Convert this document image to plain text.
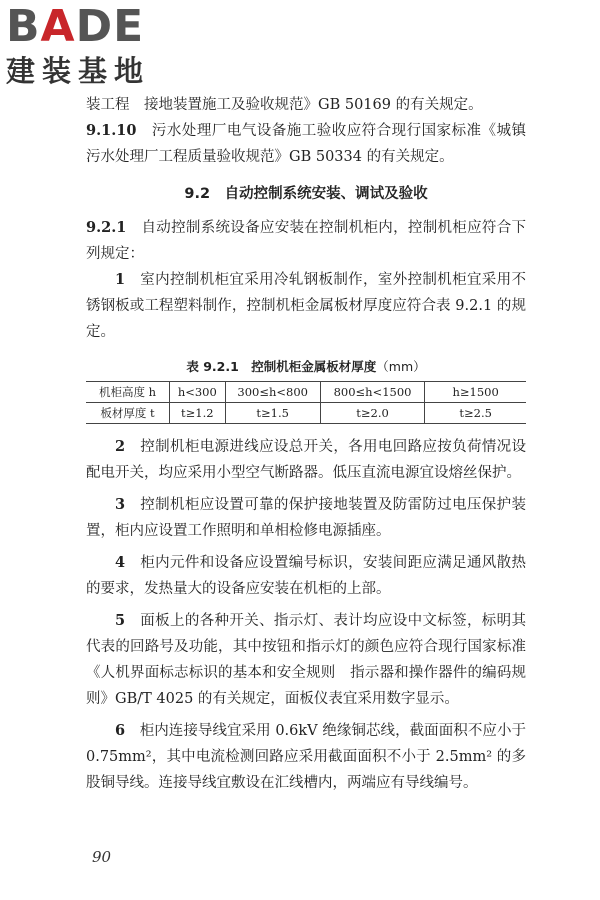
BADE
建装基地

装工程　接地装置施工及验收规范》GB 50169 的有关规定。

9.1.10　 污水处理厂电气设备施工验收应符合现行国家标准《城镇污水处理厂工程质量验收规范》GB 50334 的有关规定。

9.2　自动控制系统安装、调试及验收

9.2.1　 自动控制系统设备应安装在控制机柜内，控制机柜应符合下列规定：

1　 室内控制机柜宜采用冷轧钢板制作，室外控制机柜宜采用不锈钢板或工程塑料制作，控制机柜金属板材厚度应符合表 9.2.1 的规定。

表 9.2.1　控制机柜金属板材厚度（mm）
机柜高度 h	h<300	300≤h<800	800≤h<1500	h≥1500
板材厚度 t	t≥1.2	t≥1.5	t≥2.0	t≥2.5

2　 控制机柜电源进线应设总开关，各用电回路应按负荷情况设配电开关，均应采用小型空气断路器。低压直流电源宜设熔丝保护。

3　 控制机柜应设置可靠的保护接地装置及防雷防过电压保护装置，柜内应设置工作照明和单相检修电源插座。

4　 柜内元件和设备应设置编号标识，安装间距应满足通风散热的要求，发热量大的设备应安装在机柜的上部。

5　 面板上的各种开关、指示灯、表计均应设中文标签，标明其代表的回路号及功能，其中按钮和指示灯的颜色应符合现行国家标准《人机界面标志标识的基本和安全规则　指示器和操作器件的编码规则》GB/T 4025 的有关规定，面板仪表宜采用数字显示。

6　 柜内连接导线宜采用 0.6kV 绝缘铜芯线，截面面积不应小于 0.75mm²，其中电流检测回路应采用截面面积不小于 2.5mm² 的多股铜导线。连接导线宜敷设在汇线槽内，两端应有导线编号。

90
